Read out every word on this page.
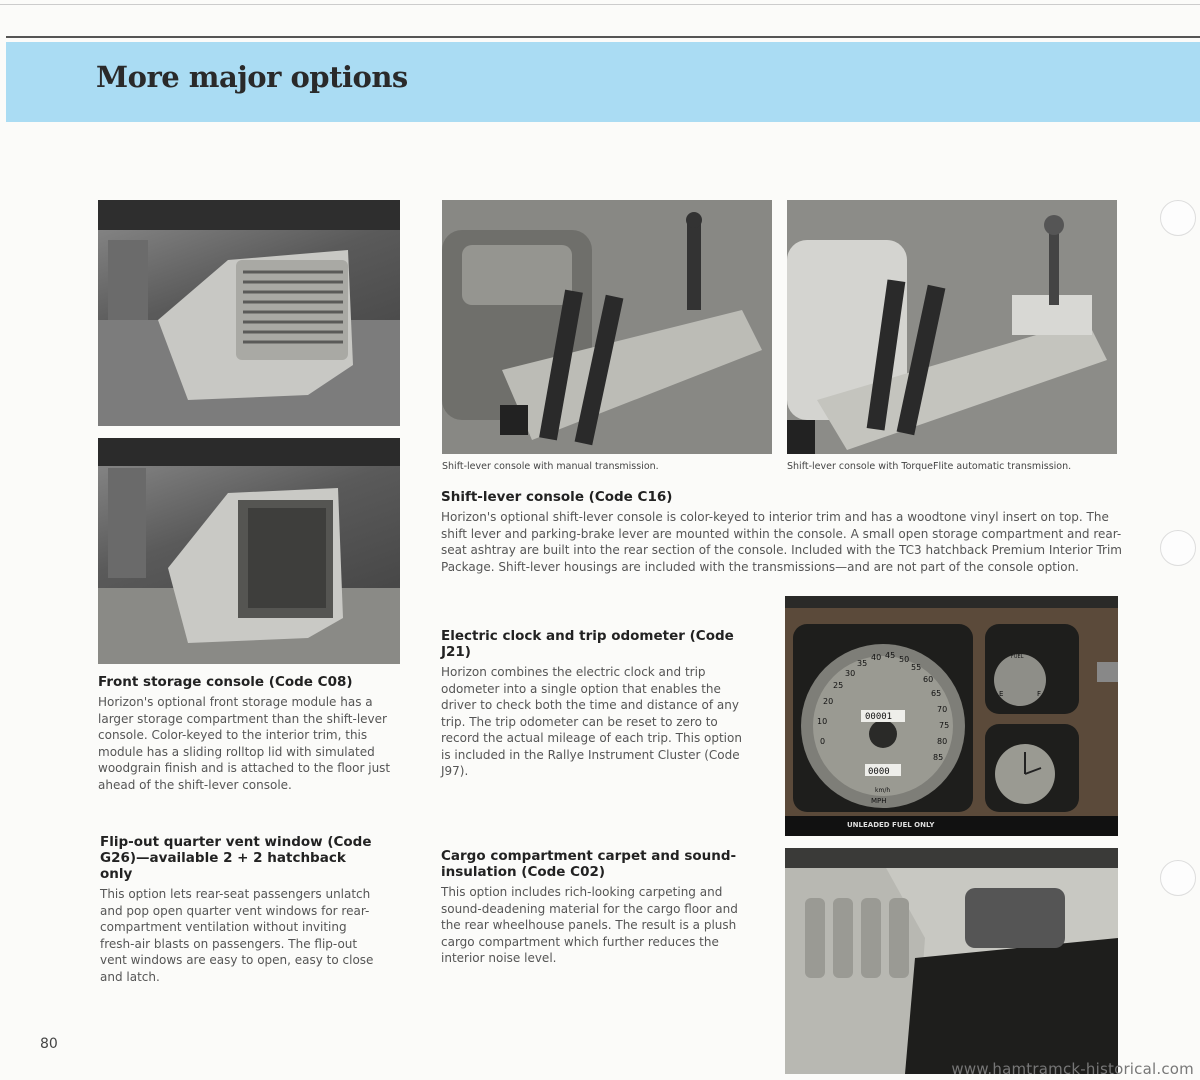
More major options

Shift-lever console with manual transmission.	Shift-lever console with TorqueFlite automatic transmission.

0
10
20
25
30
35
40 45 50
55
60
65
70
75
80
85
00001
0000
km/h
MPH
FUEL
E	F
UNLEADED FUEL ONLY
Front storage console (Code C08)

Horizon's optional front storage module has a larger storage compartment than the shift-lever console. Color-keyed to the interior trim, this module has a sliding rolltop lid with simulated woodgrain finish and is attached to the floor just ahead of the shift-lever console.

Flip-out quarter vent window (Code G26)—available 2 + 2 hatchback only

This option lets rear-seat passengers unlatch and pop open quarter vent windows for rear-compartment ventilation without inviting fresh-air blasts on passengers. The flip-out vent windows are easy to open, easy to close and latch.

Shift-lever console (Code C16)

Horizon's optional shift-lever console is color-keyed to interior trim and has a woodtone vinyl insert on top. The shift lever and parking-brake lever are mounted within the console. A small open storage compartment and rear-seat ashtray are built into the rear section of the console. Included with the TC3 hatchback Premium Interior Trim Package. Shift-lever housings are included with the transmissions—and are not part of the console option.

Electric clock and trip odometer (Code J21)

Horizon combines the electric clock and trip odometer into a single option that enables the driver to check both the time and distance of any trip. The trip odometer can be reset to zero to record the actual mileage of each trip. This option is included in the Rallye Instrument Cluster (Code J97).

Cargo compartment carpet and sound-insulation (Code C02)

This option includes rich-looking carpeting and sound-deadening material for the cargo floor and the rear wheelhouse panels. The result is a plush cargo compartment which further reduces the interior noise level.

80

www.hamtramck-historical.com
